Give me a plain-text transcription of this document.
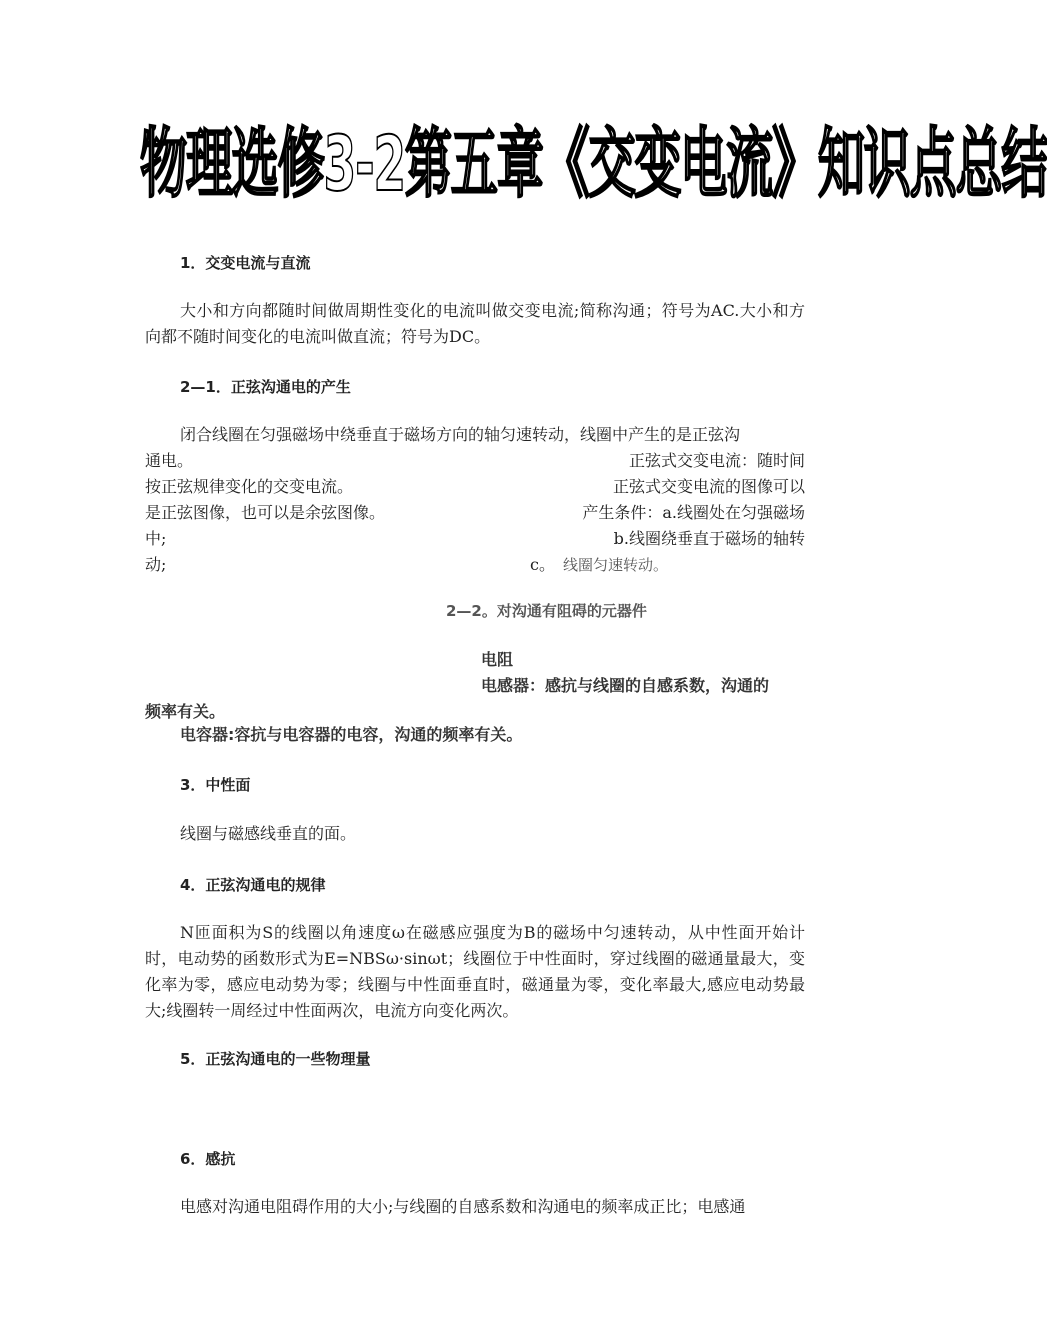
物理选修3-2第五章《交变电流》知识点总结
1．交变电流与直流
大小和方向都随时间做周期性变化的电流叫做交变电流;简称沟通；符号为AC.大小和方向都不随时间变化的电流叫做直流；符号为DC。
2—1．正弦沟通电的产生
闭合线圈在匀强磁场中绕垂直于磁场方向的轴匀速转动，线圈中产生的是正弦沟
通电。	正弦式交变电流：随时间
按正弦规律变化的交变电流。	正弦式交变电流的图像可以
是正弦图像，也可以是余弦图像。	产生条件：a.线圈处在匀强磁场
中;	b.线圈绕垂直于磁场的轴转
动;	c。 线圈匀速转动。
2—2。对沟通有阻碍的元器件
电阻
电感器：感抗与线圈的自感系数，沟通的
频率有关。
电容器:容抗与电容器的电容，沟通的频率有关。
3．中性面
线圈与磁感线垂直的面。
4．正弦沟通电的规律
N匝面积为S的线圈以角速度ω在磁感应强度为B的磁场中匀速转动，从中性面开始计时，电动势的函数形式为E=NBSω·sinωt；线圈位于中性面时，穿过线圈的磁通量最大，变化率为零，感应电动势为零；线圈与中性面垂直时，磁通量为零，变化率最大,感应电动势最大;线圈转一周经过中性面两次，电流方向变化两次。
5．正弦沟通电的一些物理量
6．感抗
电感对沟通电阻碍作用的大小;与线圈的自感系数和沟通电的频率成正比；电感通
